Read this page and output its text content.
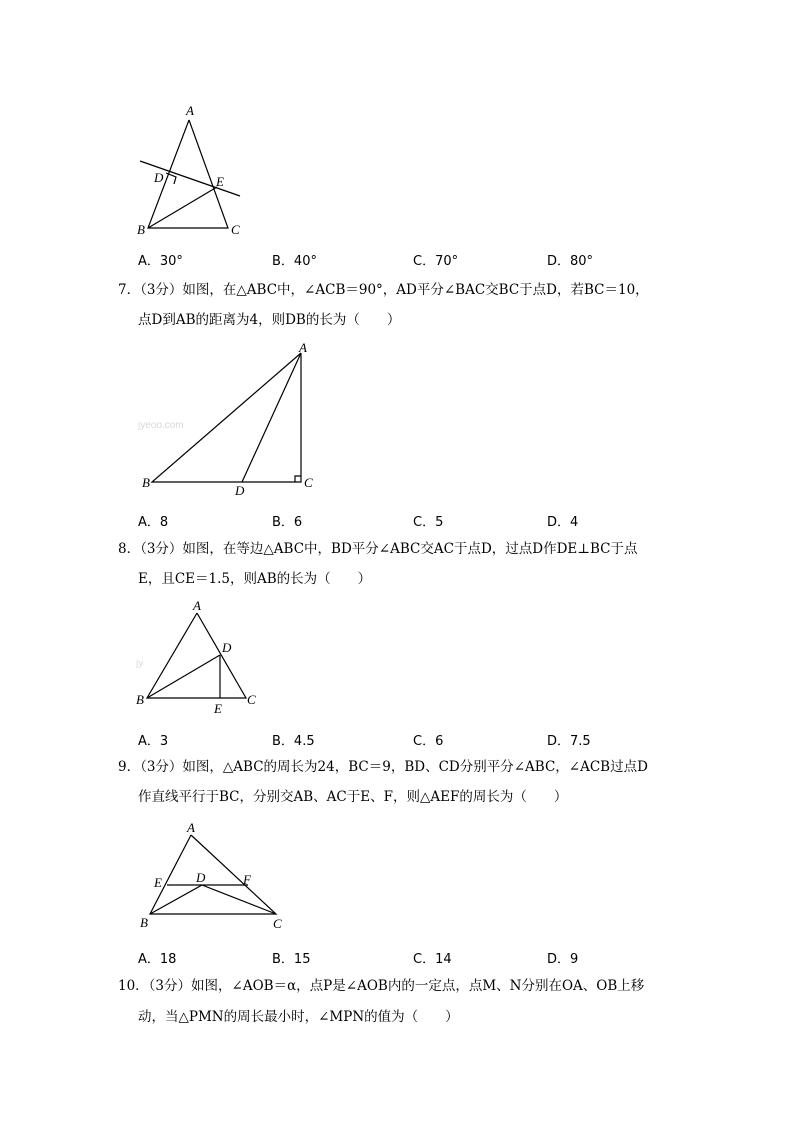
A
B	C
D	E
A．30°	B．40°	C．70°	D．80°
7．（3分）如图，在△ABC中，∠ACB＝90°，AD平分∠BAC交BC于点D，若BC＝10，
点D到AB的距离为4，则DB的长为（　　）
jyeoo.com
A
B	C
D
A．8	B．6	C．5	D．4
8．（3分）如图，在等边△ABC中，BD平分∠ABC交AC于点D，过点D作DE⊥BC于点
E，且CE＝1.5，则AB的长为（　　）
jy
A
B	C
D
E
A．3	B．4.5	C．6	D．7.5
9．（3分）如图，△ABC的周长为24，BC＝9，BD、CD分别平分∠ABC，∠ACB过点D
作直线平行于BC，分别交AB、AC于E、F，则△AEF的周长为（　　）
A
B	C
D
E	F
A．18	B．15	C．14	D．9
10．（3分）如图，∠AOB＝α，点P是∠AOB内的一定点，点M、N分别在OA、OB上移
动，当△PMN的周长最小时，∠MPN的值为（　　）
